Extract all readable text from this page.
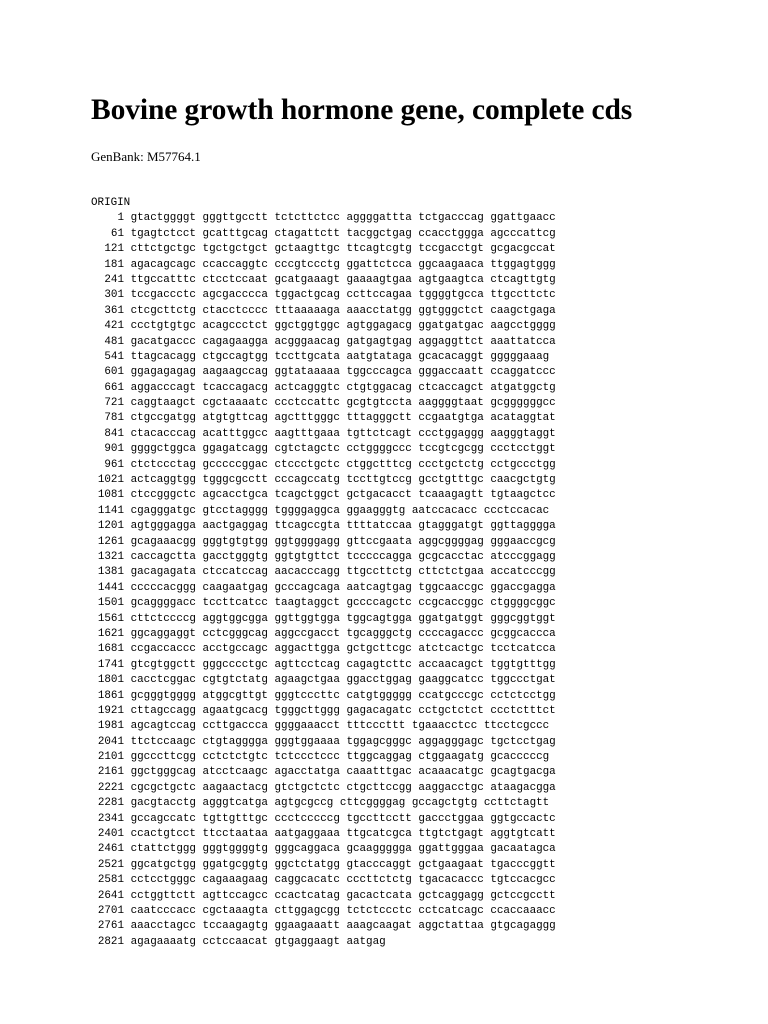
Bovine growth hormone gene, complete cds
GenBank: M57764.1
ORIGIN
1 gtactggggt gggttgcctt tctcttctcc aggggattta tctgacccag ggattgaacc
61 tgagtctcct gcatttgcag ctagattctt tacggctgag ccacctggga agcccattcg
121 cttctgctgc tgctgctgct gctaagttgc ttcagtcgtg tccgacctgt gcgacgccat
181 agacagcagc ccaccaggtc cccgtccctg ggattctcca ggcaagaaca ttggagtggg
241 ttgccatttc ctcctccaat gcatgaaagt gaaaagtgaa agtgaagtca ctcagttgtg
301 tccgaccctc agcgacccca tggactgcag ccttccagaa tggggtgcca ttgccttctc
361 ctcgcttctg ctacctcccc tttaaaaaga aaacctatgg ggtgggctct caagctgaga
421 ccctgtgtgc acagccctct ggctggtggc agtggagacg ggatgatgac aagcctgggg
481 gacatgaccc cagagaagga acgggaacag gatgagtgag aggaggttct aaattatcca
541 ttagcacagg ctgccagtgg tccttgcata aatgtataga gcacacaggt gggggaaag
601 ggagagagag aagaagccag ggtataaaaa tggcccagca gggaccaatt ccaggatccc
661 aggacccagt tcaccagacg actcagggtc ctgtggacag ctcaccagct atgatggctg
721 caggtaagct cgctaaaatc ccctccattc gcgtgtccta aaggggtaat gcggggggcc
781 ctgccgatgg atgtgttcag agctttgggc tttagggctt ccgaatgtga acataggtat
841 ctacacccag acatttggcc aagtttgaaa tgttctcagt ccctggaggg aagggtaggt
901 ggggctggca ggagatcagg cgtctagctc cctggggccc tccgtcgcgg ccctcctggt
961 ctctccctag gcccccggac ctccctgctc ctggctttcg ccctgctctg cctgccctgg
1021 actcaggtgg tgggcgcctt cccagccatg tccttgtccg gcctgtttgc caacgctgtg
1081 ctccgggctc agcacctgca tcagctggct gctgacacct tcaaagagtt tgtaagctcc
1141 cgagggatgc gtcctagggg tggggaggca ggaagggtg aatccacacc ccctccacac
1201 agtgggagga aactgaggag ttcagccgta ttttatccaa gtagggatgt ggttagggga
1261 gcagaaacgg gggtgtgtgg ggtggggagg gttccgaata aggcggggag gggaaccgcg
1321 caccagctta gacctgggtg ggtgtgttct tcccccagga gcgcacctac atcccggagg
1381 gacagagata ctccatccag aacacccagg ttgccttctg cttctctgaa accatcccgg
1441 cccccacggg caagaatgag gcccagcaga aatcagtgag tggcaaccgc ggaccgagga
1501 gcaggggacc tccttcatcc taagtaggct gccccagctc ccgcaccggc ctggggcggc
1561 cttctccccg aggtggcgga ggttggtgga tggcagtgga ggatgatggt gggcggtggt
1621 ggcaggaggt cctcgggcag aggccgacct tgcagggctg ccccagaccc gcggcaccca
1681 ccgaccaccc acctgccagc aggacttgga gctgcttcgc atctcactgc tcctcatcca
1741 gtcgtggctt gggcccctgc agttcctcag cagagtcttc accaacagct tggtgtttgg
1801 cacctcggac cgtgtctatg agaagctgaa ggacctggag gaaggcatcc tggccctgat
1861 gcgggtgggg atggcgttgt gggtcccttc catgtggggg ccatgcccgc cctctcctgg
1921 cttagccagg agaatgcacg tgggcttggg gagacagatc cctgctctct ccctctttct
1981 agcagtccag ccttgaccca ggggaaacct tttcccttt tgaaacctcc ttcctcgccc
2041 ttctccaagc ctgtagggga gggtggaaaa tggagcgggc aggagggagc tgctcctgag
2101 ggcccttcgg cctctctgtc tctccctccc ttggcaggag ctggaagatg gcacccccg
2161 ggctgggcag atcctcaagc agacctatga caaatttgac acaaacatgc gcagtgacga
2221 cgcgctgctc aagaactacg gtctgctctc ctgcttccgg aaggacctgc ataagacgga
2281 gacgtacctg agggtcatga agtgcgccg cttcggggag gccagctgtg ccttctagtt
2341 gccagccatc tgttgtttgc ccctcccccg tgccttcctt gaccctggaa ggtgccactc
2401 ccactgtcct ttcctaataa aatgaggaaa ttgcatcgca ttgtctgagt aggtgtcatt
2461 ctattctggg gggtggggtg gggcaggaca gcaaggggga ggattgggaa gacaatagca
2521 ggcatgctgg ggatgcggtg ggctctatgg gtacccaggt gctgaagaat tgacccggtt
2581 cctcctgggc cagaaagaag caggcacatc cccttctctg tgacacaccc tgtccacgcc
2641 cctggttctt agttccagcc ccactcatag gacactcata gctcaggagg gctccgcctt
2701 caatcccacc cgctaaagta cttggagcgg tctctccctc cctcatcagc ccaccaaacc
2761 aaacctagcc tccaagagtg ggaagaaatt aaagcaagat aggctattaa gtgcagaggg
2821 agagaaaatg cctccaacat gtgaggaagt aatgag
